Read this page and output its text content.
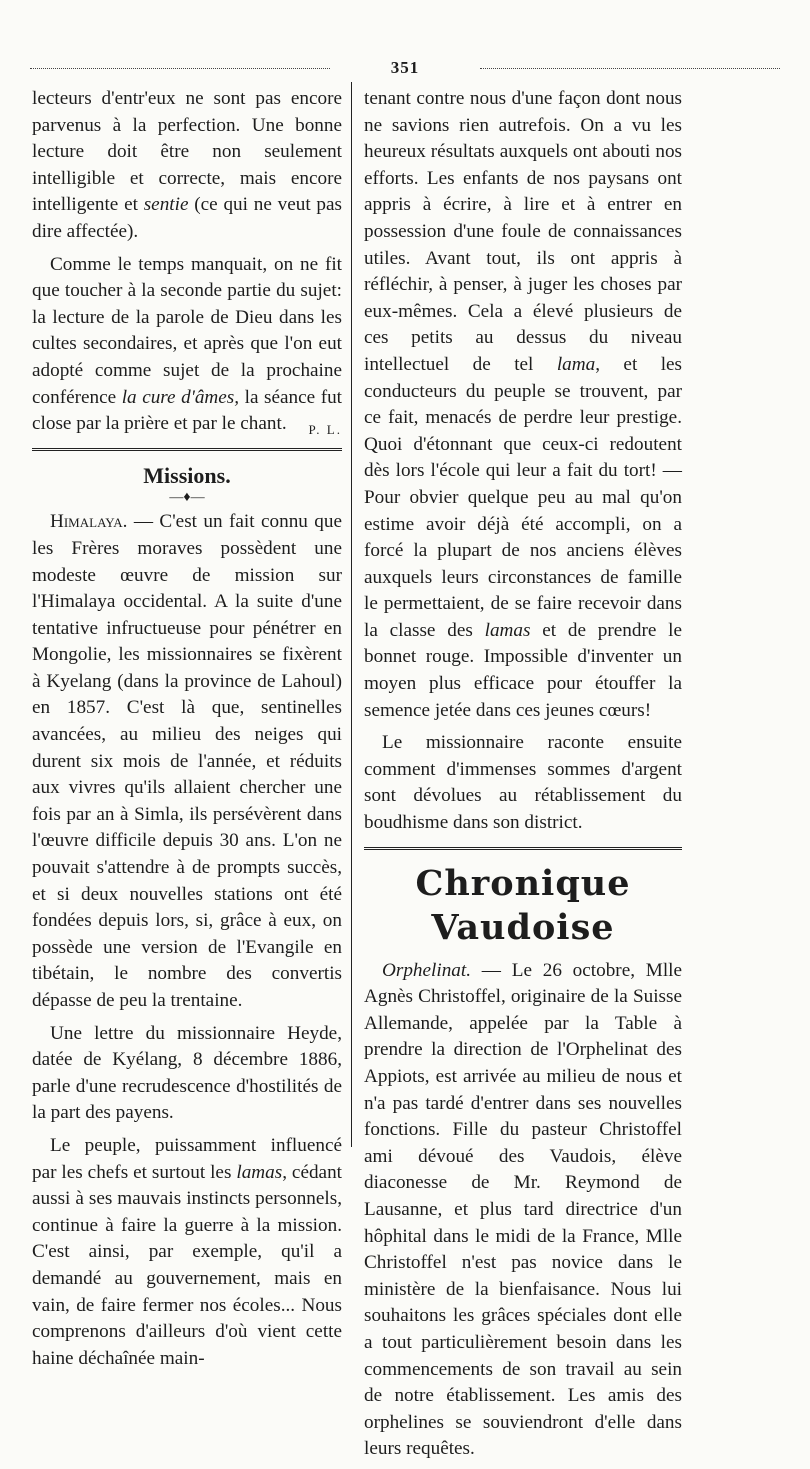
351

lecteurs d'entr'eux ne sont pas encore parvenus à la perfection. Une bonne lecture doit être non seulement intelligible et correcte, mais encore intelligente et sentie (ce qui ne veut pas dire affectée).

Comme le temps manquait, on ne fit que toucher à la seconde partie du sujet: la lecture de la parole de Dieu dans les cultes secondaires, et après que l'on eut adopté comme sujet de la prochaine conférence la cure d'âmes, la séance fut close par la prière et par le chant.	P. L.

Missions.
—♦—

Himalaya. — C'est un fait connu que les Frères moraves possèdent une modeste œuvre de mission sur l'Himalaya occidental. A la suite d'une tentative infructueuse pour pénétrer en Mongolie, les missionnaires se fixèrent à Kyelang (dans la province de Lahoul) en 1857. C'est là que, sentinelles avancées, au milieu des neiges qui durent six mois de l'année, et réduits aux vivres qu'ils allaient chercher une fois par an à Simla, ils persévèrent dans l'œuvre difficile depuis 30 ans. L'on ne pouvait s'attendre à de prompts succès, et si deux nouvelles stations ont été fondées depuis lors, si, grâce à eux, on possède une version de l'Evangile en tibétain, le nombre des convertis dépasse de peu la trentaine.

Une lettre du missionnaire Heyde, datée de Kyélang, 8 décembre 1886, parle d'une recrudescence d'hostilités de la part des payens.

Le peuple, puissamment influencé par les chefs et surtout les lamas, cédant aussi à ses mauvais instincts personnels, continue à faire la guerre à la mission. C'est ainsi, par exemple, qu'il a demandé au gouvernement, mais en vain, de faire fermer nos écoles... Nous comprenons d'ailleurs d'où vient cette haine déchaînée main-

tenant contre nous d'une façon dont nous ne savions rien autrefois. On a vu les heureux résultats auxquels ont abouti nos efforts. Les enfants de nos paysans ont appris à écrire, à lire et à entrer en possession d'une foule de connaissances utiles. Avant tout, ils ont appris à réfléchir, à penser, à juger les choses par eux-mêmes. Cela a élevé plusieurs de ces petits au dessus du niveau intellectuel de tel lama, et les conducteurs du peuple se trouvent, par ce fait, menacés de perdre leur prestige. Quoi d'étonnant que ceux-ci redoutent dès lors l'école qui leur a fait du tort! — Pour obvier quelque peu au mal qu'on estime avoir déjà été accompli, on a forcé la plupart de nos anciens élèves auxquels leurs circonstances de famille le permettaient, de se faire recevoir dans la classe des lamas et de prendre le bonnet rouge. Impossible d'inventer un moyen plus efficace pour étouffer la semence jetée dans ces jeunes cœurs!

Le missionnaire raconte ensuite comment d'immenses sommes d'argent sont dévolues au rétablissement du boudhisme dans son district.

Chronique Vaudoise

Orphelinat. — Le 26 octobre, Mlle Agnès Christoffel, originaire de la Suisse Allemande, appelée par la Table à prendre la direction de l'Orphelinat des Appiots, est arrivée au milieu de nous et n'a pas tardé d'entrer dans ses nouvelles fonctions. Fille du pasteur Christoffel ami dévoué des Vaudois, élève diaconesse de Mr. Reymond de Lausanne, et plus tard directrice d'un hôphital dans le midi de la France, Mlle Christoffel n'est pas novice dans le ministère de la bienfaisance. Nous lui souhaitons les grâces spéciales dont elle a tout particulièrement besoin dans les commencements de son travail au sein de notre établissement. Les amis des orphelines se souviendront d'elle dans leurs requêtes.
